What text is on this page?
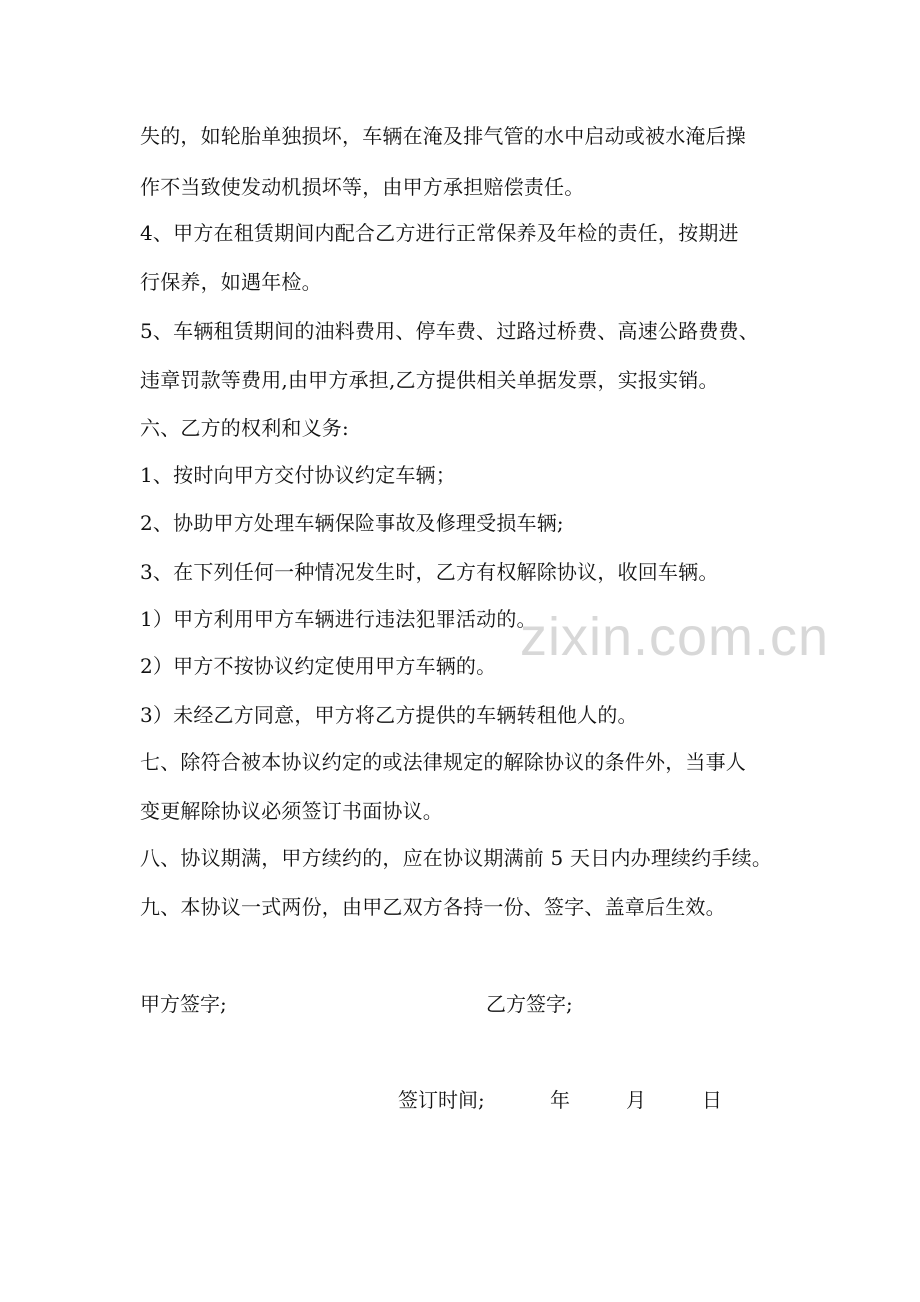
zixin.com.cn
失的，如轮胎单独损坏，车辆在淹及排气管的水中启动或被水淹后操
作不当致使发动机损坏等，由甲方承担赔偿责任。
4、甲方在租赁期间内配合乙方进行正常保养及年检的责任，按期进
行保养，如遇年检。
5、车辆租赁期间的油料费用、停车费、过路过桥费、高速公路费费、
违章罚款等费用,由甲方承担,乙方提供相关单据发票，实报实销。
六、乙方的权利和义务:
1、按时向甲方交付协议约定车辆；
2、协助甲方处理车辆保险事故及修理受损车辆;
3、在下列任何一种情况发生时，乙方有权解除协议，收回车辆。
1）甲方利用甲方车辆进行违法犯罪活动的。
2）甲方不按协议约定使用甲方车辆的。
3）未经乙方同意，甲方将乙方提供的车辆转租他人的。
七、除符合被本协议约定的或法律规定的解除协议的条件外，当事人
变更解除协议必须签订书面协议。
八、协议期满，甲方续约的，应在协议期满前 5 天日内办理续约手续。
九、本协议一式两份，由甲乙双方各持一份、签字、盖章后生效。
甲方签字;	乙方签字;
签订时间;	年	月	日
